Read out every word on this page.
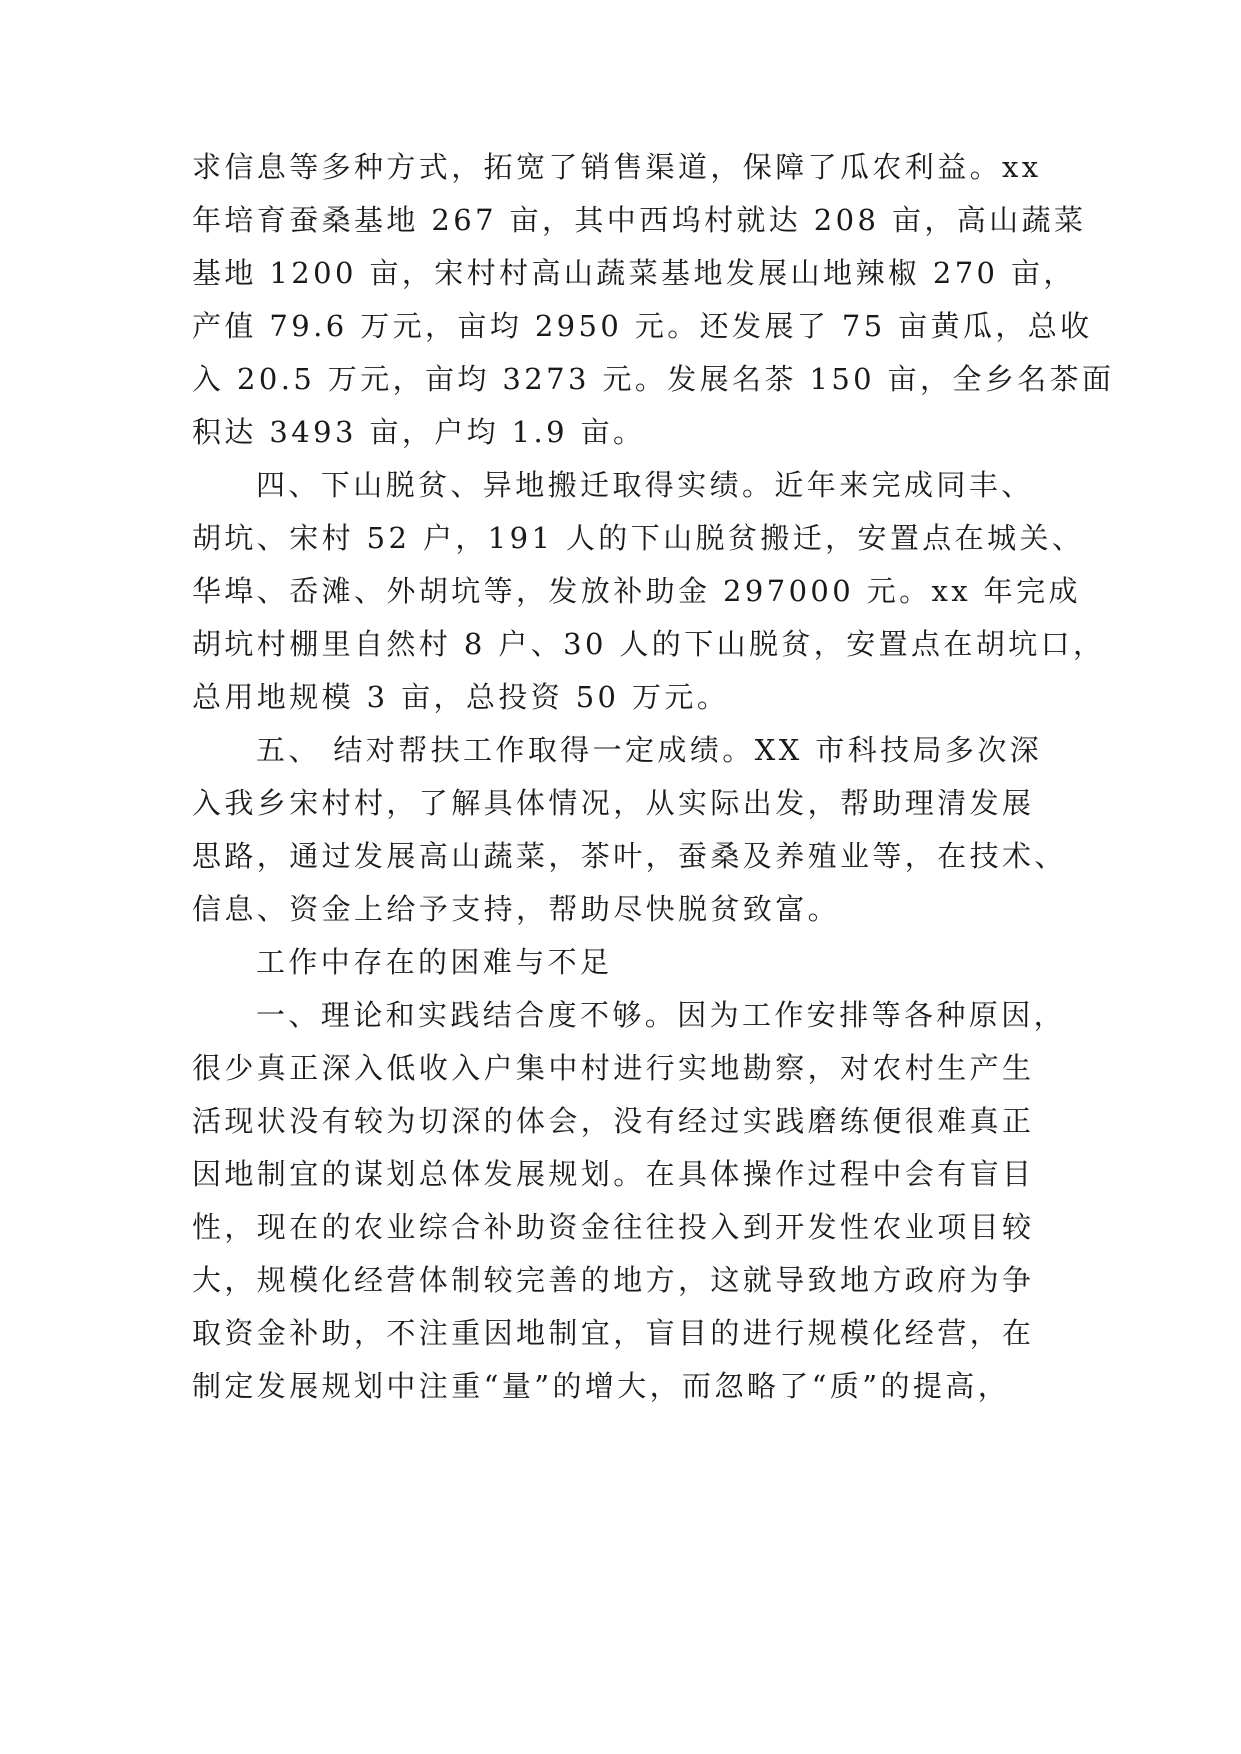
求信息等多种方式，拓宽了销售渠道，保障了瓜农利益。xx
年培育蚕桑基地 267 亩，其中西坞村就达 208 亩，高山蔬菜
基地 1200 亩，宋村村高山蔬菜基地发展山地辣椒 270 亩，
产值 79.6 万元，亩均 2950 元。还发展了 75 亩黄瓜，总收
入 20.5 万元，亩均 3273 元。发展名茶 150 亩，全乡名茶面
积达 3493 亩，户均 1.9 亩。
四、下山脱贫、异地搬迁取得实绩。近年来完成同丰、
胡坑、宋村 52 户，191 人的下山脱贫搬迁，安置点在城关、
华埠、岙滩、外胡坑等，发放补助金 297000 元。xx 年完成
胡坑村棚里自然村 8 户、30 人的下山脱贫，安置点在胡坑口，
总用地规模 3 亩，总投资 50 万元。
五、 结对帮扶工作取得一定成绩。XX 市科技局多次深
入我乡宋村村，了解具体情况，从实际出发，帮助理清发展
思路，通过发展高山蔬菜，茶叶，蚕桑及养殖业等，在技术、
信息、资金上给予支持，帮助尽快脱贫致富。
工作中存在的困难与不足
一、理论和实践结合度不够。因为工作安排等各种原因，
很少真正深入低收入户集中村进行实地勘察，对农村生产生
活现状没有较为切深的体会，没有经过实践磨练便很难真正
因地制宜的谋划总体发展规划。在具体操作过程中会有盲目
性，现在的农业综合补助资金往往投入到开发性农业项目较
大，规模化经营体制较完善的地方，这就导致地方政府为争
取资金补助，不注重因地制宜，盲目的进行规模化经营，在
制定发展规划中注重“量”的增大，而忽略了“质”的提高，
